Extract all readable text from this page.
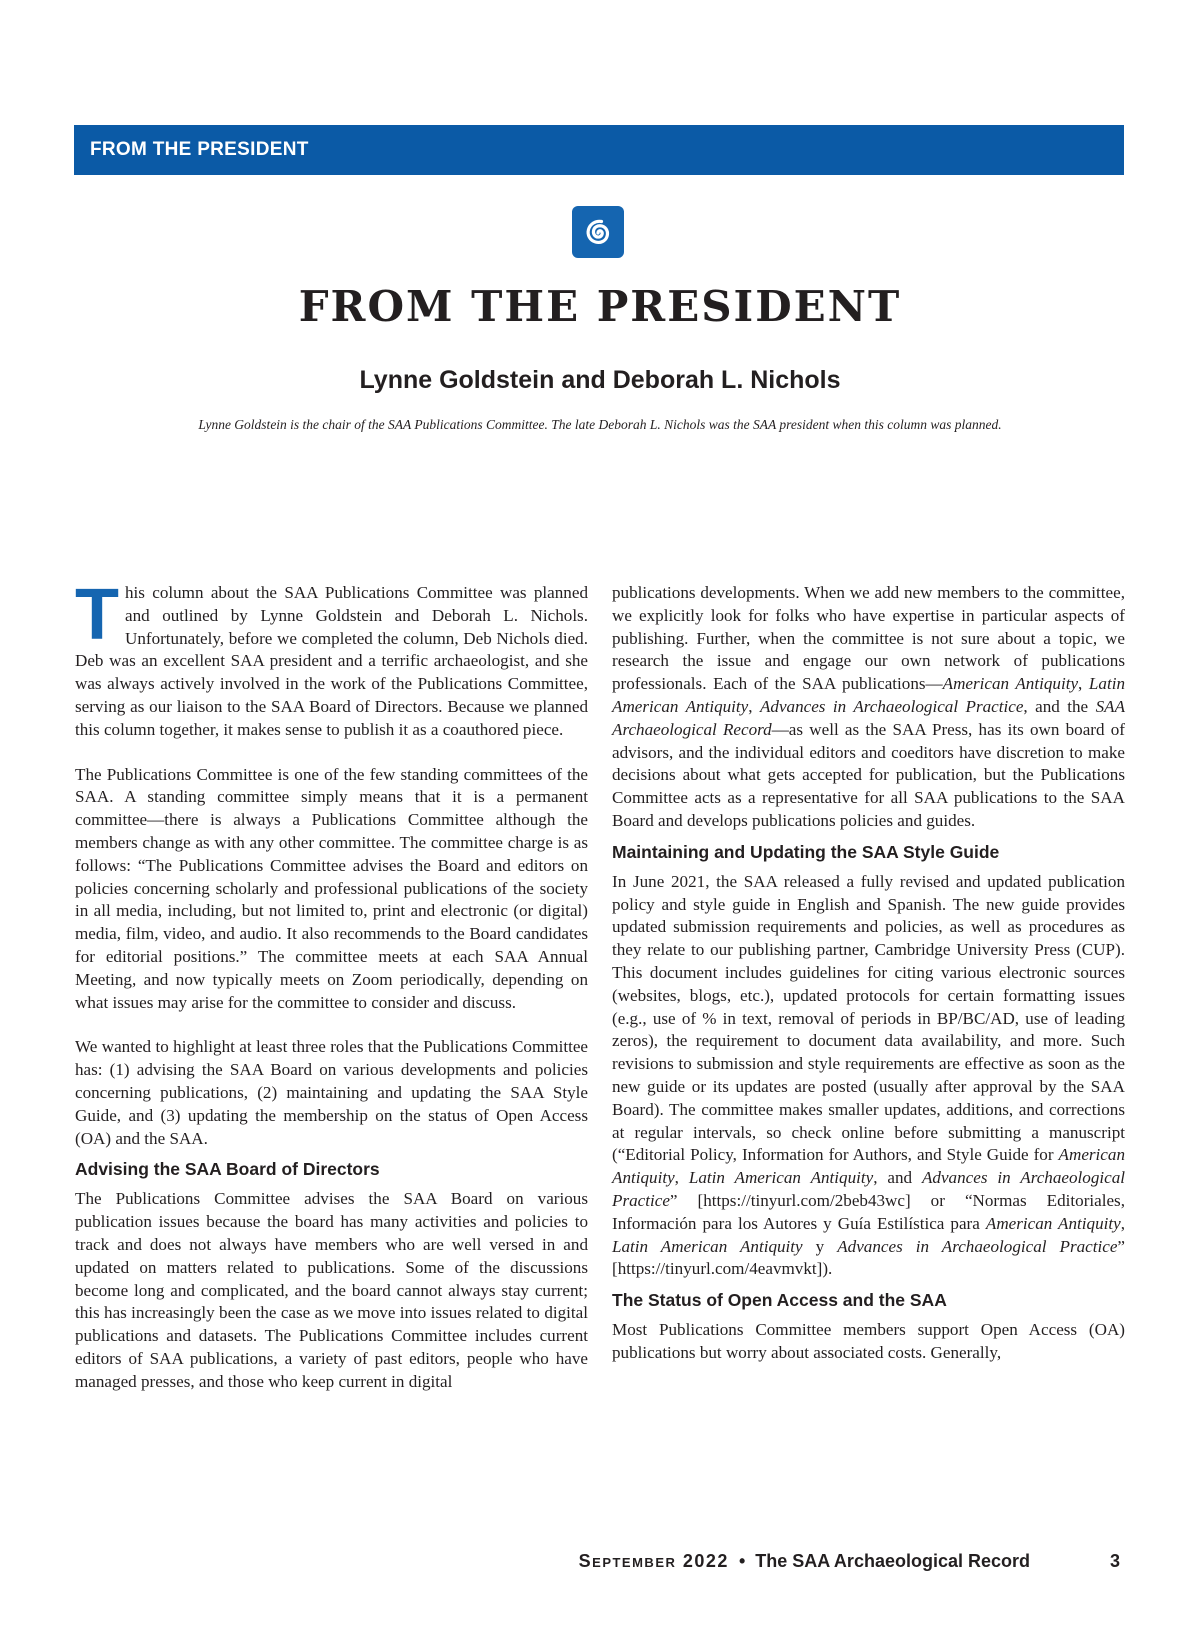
FROM THE PRESIDENT
FROM THE PRESIDENT
Lynne Goldstein and Deborah L. Nichols
Lynne Goldstein is the chair of the SAA Publications Committee. The late Deborah L. Nichols was the SAA president when this column was planned.

This column about the SAA Publications Committee was planned and outlined by Lynne Goldstein and Deborah L. Nichols. Unfortunately, before we completed the column, Deb Nichols died. Deb was an excellent SAA president and a terrific archaeologist, and she was always actively involved in the work of the Publications Committee, serving as our liaison to the SAA Board of Directors. Because we planned this column together, it makes sense to publish it as a coauthored piece.

The Publications Committee is one of the few standing committees of the SAA. A standing committee simply means that it is a permanent committee—there is always a Publications Committee although the members change as with any other committee. The committee charge is as follows: “The Publications Committee advises the Board and editors on policies concerning scholarly and professional publications of the society in all media, including, but not limited to, print and electronic (or digital) media, film, video, and audio. It also recommends to the Board candidates for editorial positions.” The committee meets at each SAA Annual Meeting, and now typically meets on Zoom periodically, depending on what issues may arise for the committee to consider and discuss.

We wanted to highlight at least three roles that the Publications Committee has: (1) advising the SAA Board on various developments and policies concerning publications, (2) maintaining and updating the SAA Style Guide, and (3) updating the membership on the status of Open Access (OA) and the SAA.

Advising the SAA Board of Directors

The Publications Committee advises the SAA Board on various publication issues because the board has many activities and policies to track and does not always have members who are well versed in and updated on matters related to publications. Some of the discussions become long and complicated, and the board cannot always stay current; this has increasingly been the case as we move into issues related to digital publications and datasets. The Publications Committee includes current editors of SAA publications, a variety of past editors, people who have managed presses, and those who keep current in digital

publications developments. When we add new members to the committee, we explicitly look for folks who have expertise in particular aspects of publishing. Further, when the committee is not sure about a topic, we research the issue and engage our own network of publications professionals. Each of the SAA publications—American Antiquity, Latin American Antiquity, Advances in Archaeological Practice, and the SAA Archaeological Record—as well as the SAA Press, has its own board of advisors, and the individual editors and coeditors have discretion to make decisions about what gets accepted for publication, but the Publications Committee acts as a representative for all SAA publications to the SAA Board and develops publications policies and guides.

Maintaining and Updating the SAA Style Guide

In June 2021, the SAA released a fully revised and updated publication policy and style guide in English and Spanish. The new guide provides updated submission requirements and policies, as well as procedures as they relate to our publishing partner, Cambridge University Press (CUP). This document includes guidelines for citing various electronic sources (websites, blogs, etc.), updated protocols for certain formatting issues (e.g., use of % in text, removal of periods in BP/BC/AD, use of leading zeros), the requirement to document data availability, and more. Such revisions to submission and style requirements are effective as soon as the new guide or its updates are posted (usually after approval by the SAA Board). The committee makes smaller updates, additions, and corrections at regular intervals, so check online before submitting a manuscript (“Editorial Policy, Information for Authors, and Style Guide for American Antiquity, Latin American Antiquity, and Advances in Archaeological Practice” [https://tinyurl.com/2beb43wc] or “Normas Editoriales, Información para los Autores y Guía Estilística para American Antiquity, Latin American Antiquity y Advances in Archaeological Practice” [https://tinyurl.com/4eavmvkt]).

The Status of Open Access and the SAA

Most Publications Committee members support Open Access (OA) publications but worry about associated costs. Generally,

September 2022 • The SAA Archaeological Record	3
